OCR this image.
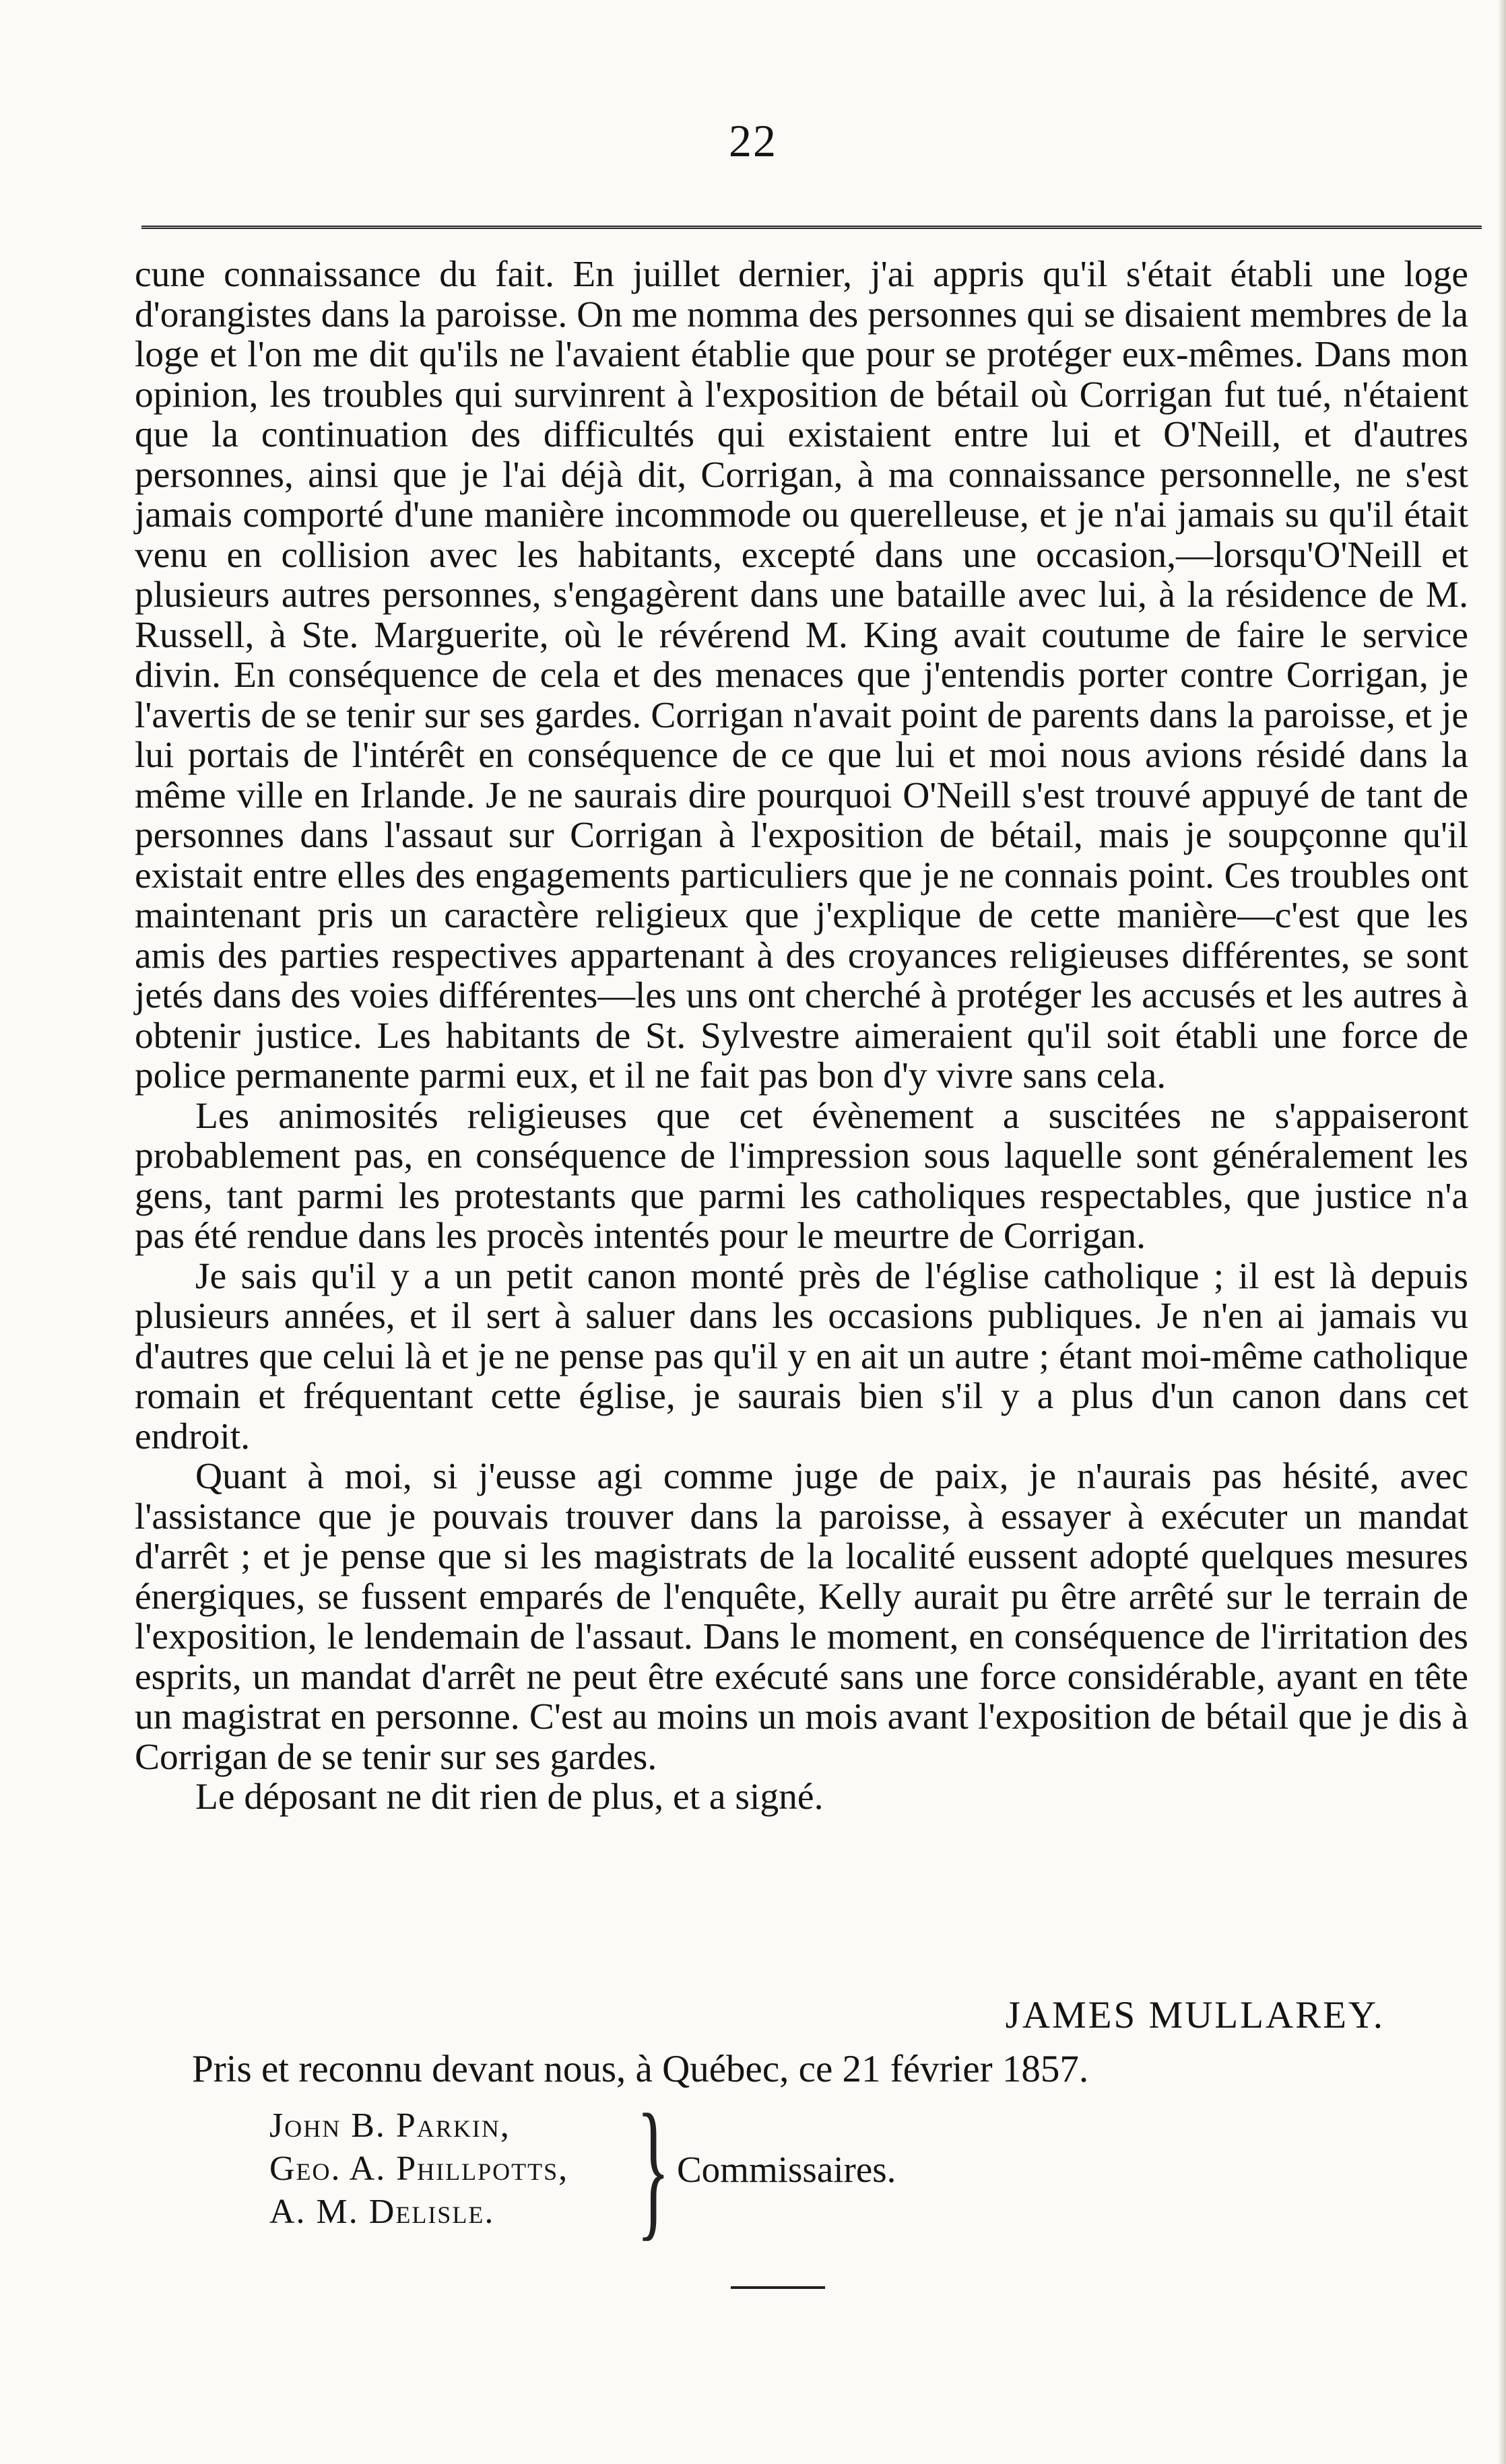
22

cune connaissance du fait. En juillet dernier, j'ai appris qu'il s'était établi une loge d'orangistes dans la paroisse. On me nomma des personnes qui se disaient membres de la loge et l'on me dit qu'ils ne l'avaient établie que pour se protéger eux-mêmes. Dans mon opinion, les troubles qui survinrent à l'exposition de bétail où Corrigan fut tué, n'étaient que la continuation des difficultés qui existaient entre lui et O'Neill, et d'autres personnes, ainsi que je l'ai déjà dit, Corrigan, à ma connaissance personnelle, ne s'est jamais comporté d'une manière incommode ou querelleuse, et je n'ai jamais su qu'il était venu en collision avec les habitants, excepté dans une occasion,—lorsqu'O'Neill et plusieurs autres personnes, s'engagèrent dans une bataille avec lui, à la résidence de M. Russell, à Ste. Marguerite, où le révérend M. King avait coutume de faire le service divin. En conséquence de cela et des menaces que j'entendis porter contre Corrigan, je l'avertis de se tenir sur ses gardes. Corrigan n'avait point de parents dans la paroisse, et je lui portais de l'intérêt en conséquence de ce que lui et moi nous avions résidé dans la même ville en Irlande. Je ne saurais dire pourquoi O'Neill s'est trouvé appuyé de tant de personnes dans l'assaut sur Corrigan à l'exposition de bétail, mais je soupçonne qu'il existait entre elles des engagements particuliers que je ne connais point. Ces troubles ont maintenant pris un caractère religieux que j'explique de cette manière—c'est que les amis des parties respectives appartenant à des croyances religieuses différentes, se sont jetés dans des voies différentes—les uns ont cherché à protéger les accusés et les autres à obtenir justice. Les habitants de St. Sylvestre aimeraient qu'il soit établi une force de police permanente parmi eux, et il ne fait pas bon d'y vivre sans cela.

Les animosités religieuses que cet évènement a suscitées ne s'appaiseront probablement pas, en conséquence de l'impression sous laquelle sont généralement les gens, tant parmi les protestants que parmi les catholiques respectables, que justice n'a pas été rendue dans les procès intentés pour le meurtre de Corrigan.

Je sais qu'il y a un petit canon monté près de l'église catholique ; il est là depuis plusieurs années, et il sert à saluer dans les occasions publiques. Je n'en ai jamais vu d'autres que celui là et je ne pense pas qu'il y en ait un autre ; étant moi-même catholique romain et fréquentant cette église, je saurais bien s'il y a plus d'un canon dans cet endroit.

Quant à moi, si j'eusse agi comme juge de paix, je n'aurais pas hésité, avec l'assistance que je pouvais trouver dans la paroisse, à essayer à exécuter un mandat d'arrêt ; et je pense que si les magistrats de la localité eussent adopté quelques mesures énergiques, se fussent emparés de l'enquête, Kelly aurait pu être arrêté sur le terrain de l'exposition, le lendemain de l'assaut. Dans le moment, en conséquence de l'irritation des esprits, un mandat d'arrêt ne peut être exécuté sans une force considérable, ayant en tête un magistrat en personne. C'est au moins un mois avant l'exposition de bétail que je dis à Corrigan de se tenir sur ses gardes.

Le déposant ne dit rien de plus, et a signé.

JAMES MULLAREY.
Pris et reconnu devant nous, à Québec, ce 21 février 1857.
John B. Parkin,
Geo. A. Phillpotts,
A. M. Delisle. } Commissaires.
